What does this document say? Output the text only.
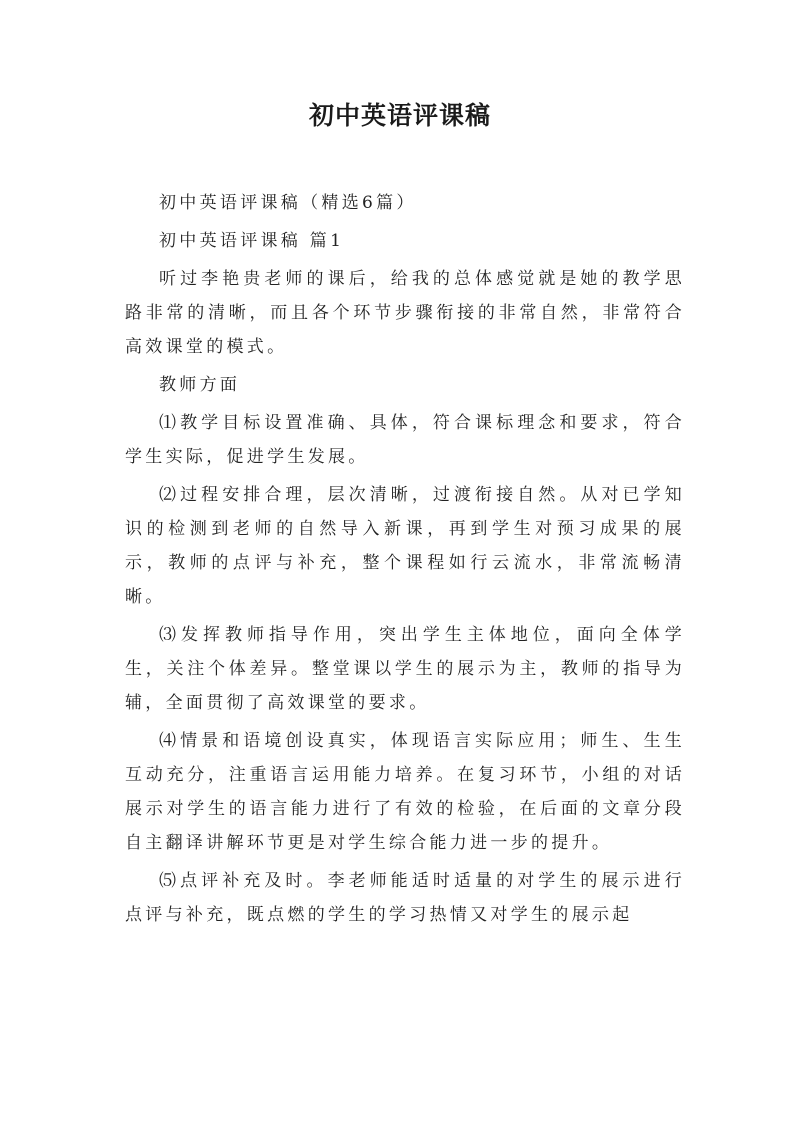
初中英语评课稿

初中英语评课稿（精选6篇）

初中英语评课稿 篇1

听过李艳贵老师的课后，给我的总体感觉就是她的教学思路非常的清晰，而且各个环节步骤衔接的非常自然，非常符合高效课堂的模式。

教师方面

⑴教学目标设置准确、具体，符合课标理念和要求，符合学生实际，促进学生发展。

⑵过程安排合理，层次清晰，过渡衔接自然。从对已学知识的检测到老师的自然导入新课，再到学生对预习成果的展示，教师的点评与补充，整个课程如行云流水，非常流畅清晰。

⑶发挥教师指导作用，突出学生主体地位，面向全体学生，关注个体差异。整堂课以学生的展示为主，教师的指导为辅，全面贯彻了高效课堂的要求。

⑷情景和语境创设真实，体现语言实际应用；师生、生生互动充分，注重语言运用能力培养。在复习环节，小组的对话展示对学生的语言能力进行了有效的检验，在后面的文章分段自主翻译讲解环节更是对学生综合能力进一步的提升。

⑸点评补充及时。李老师能适时适量的对学生的展示进行点评与补充，既点燃的学生的学习热情又对学生的展示起
